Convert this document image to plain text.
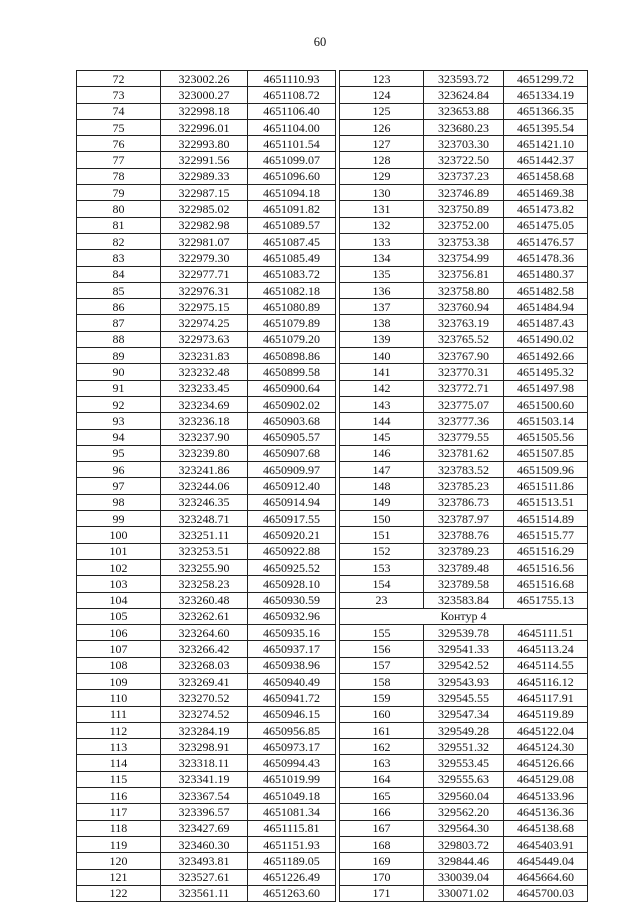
60
72	323002.26	4651110.93		123	323593.72	4651299.72
73	323000.27	4651108.72		124	323624.84	4651334.19
74	322998.18	4651106.40		125	323653.88	4651366.35
75	322996.01	4651104.00		126	323680.23	4651395.54
76	322993.80	4651101.54		127	323703.30	4651421.10
77	322991.56	4651099.07		128	323722.50	4651442.37
78	322989.33	4651096.60		129	323737.23	4651458.68
79	322987.15	4651094.18		130	323746.89	4651469.38
80	322985.02	4651091.82		131	323750.89	4651473.82
81	322982.98	4651089.57		132	323752.00	4651475.05
82	322981.07	4651087.45		133	323753.38	4651476.57
83	322979.30	4651085.49		134	323754.99	4651478.36
84	322977.71	4651083.72		135	323756.81	4651480.37
85	322976.31	4651082.18		136	323758.80	4651482.58
86	322975.15	4651080.89		137	323760.94	4651484.94
87	322974.25	4651079.89		138	323763.19	4651487.43
88	322973.63	4651079.20		139	323765.52	4651490.02
89	323231.83	4650898.86		140	323767.90	4651492.66
90	323232.48	4650899.58		141	323770.31	4651495.32
91	323233.45	4650900.64		142	323772.71	4651497.98
92	323234.69	4650902.02		143	323775.07	4651500.60
93	323236.18	4650903.68		144	323777.36	4651503.14
94	323237.90	4650905.57		145	323779.55	4651505.56
95	323239.80	4650907.68		146	323781.62	4651507.85
96	323241.86	4650909.97		147	323783.52	4651509.96
97	323244.06	4650912.40		148	323785.23	4651511.86
98	323246.35	4650914.94		149	323786.73	4651513.51
99	323248.71	4650917.55		150	323787.97	4651514.89
100	323251.11	4650920.21		151	323788.76	4651515.77
101	323253.51	4650922.88		152	323789.23	4651516.29
102	323255.90	4650925.52		153	323789.48	4651516.56
103	323258.23	4650928.10		154	323789.58	4651516.68
104	323260.48	4650930.59		23	323583.84	4651755.13
105	323262.61	4650932.96		Контур 4		
106	323264.60	4650935.16		155	329539.78	4645111.51
107	323266.42	4650937.17		156	329541.33	4645113.24
108	323268.03	4650938.96		157	329542.52	4645114.55
109	323269.41	4650940.49		158	329543.93	4645116.12
110	323270.52	4650941.72		159	329545.55	4645117.91
111	323274.52	4650946.15		160	329547.34	4645119.89
112	323284.19	4650956.85		161	329549.28	4645122.04
113	323298.91	4650973.17		162	329551.32	4645124.30
114	323318.11	4650994.43		163	329553.45	4645126.66
115	323341.19	4651019.99		164	329555.63	4645129.08
116	323367.54	4651049.18		165	329560.04	4645133.96
117	323396.57	4651081.34		166	329562.20	4645136.36
118	323427.69	4651115.81		167	329564.30	4645138.68
119	323460.30	4651151.93		168	329803.72	4645403.91
120	323493.81	4651189.05		169	329844.46	4645449.04
121	323527.61	4651226.49		170	330039.04	4645664.60
122	323561.11	4651263.60		171	330071.02	4645700.03
